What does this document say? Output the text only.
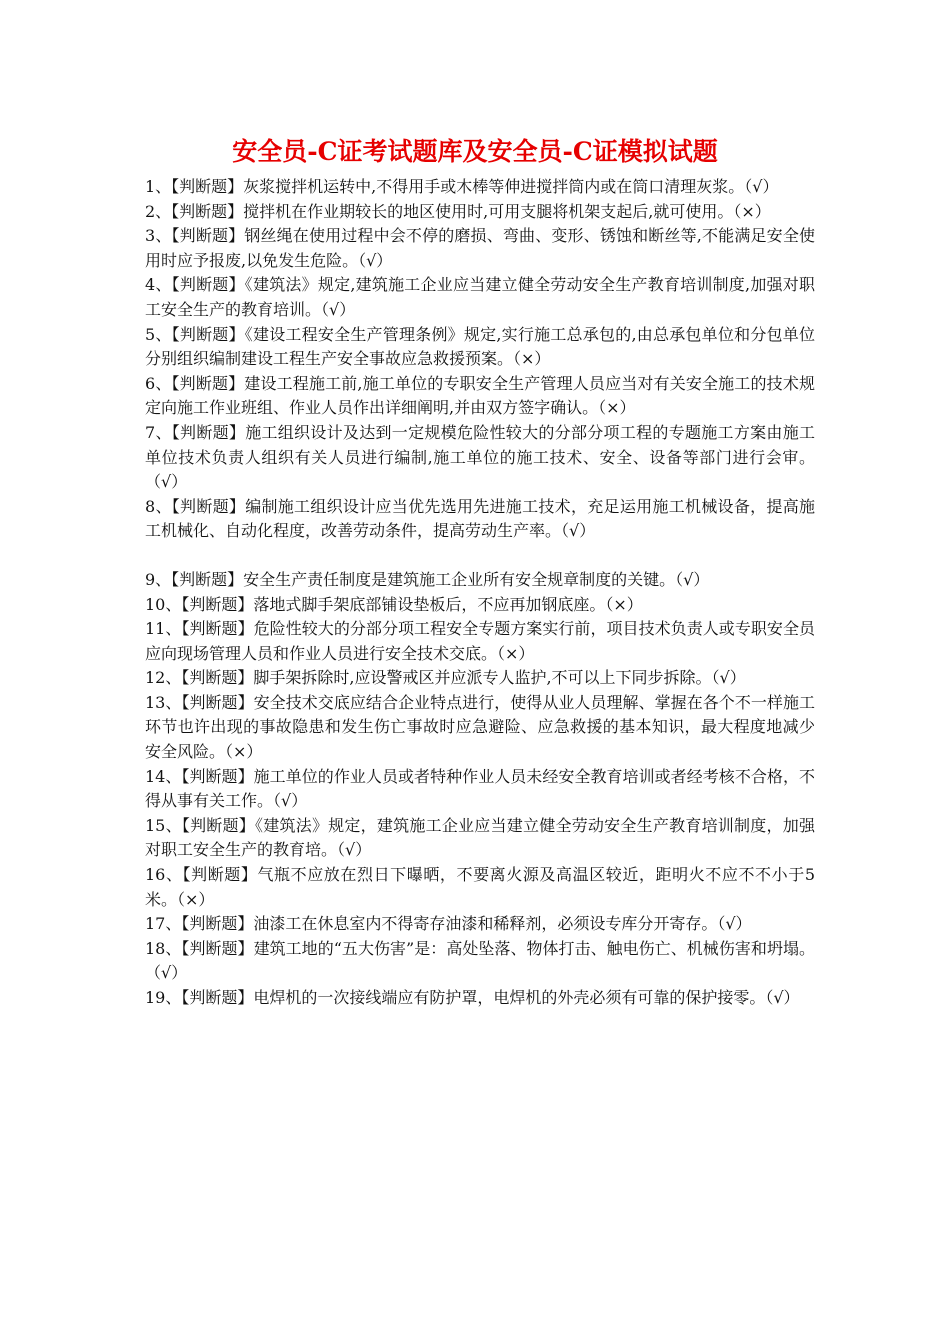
安全员-C证考试题库及安全员-C证模拟试题

1、【判断题】灰浆搅拌机运转中,不得用手或木棒等伸进搅拌筒内或在筒口清理灰浆。（√）

2、【判断题】搅拌机在作业期较长的地区使用时,可用支腿将机架支起后,就可使用。（×）

3、【判断题】钢丝绳在使用过程中会不停的磨损、弯曲、变形、锈蚀和断丝等,不能满足安全使用时应予报废,以免发生危险。（√）

4、【判断题】《建筑法》规定,建筑施工企业应当建立健全劳动安全生产教育培训制度,加强对职工安全生产的教育培训。（√）

5、【判断题】《建设工程安全生产管理条例》规定,实行施工总承包的,由总承包单位和分包单位分别组织编制建设工程生产安全事故应急救援预案。（×）

6、【判断题】建设工程施工前,施工单位的专职安全生产管理人员应当对有关安全施工的技术规定向施工作业班组、作业人员作出详细阐明,并由双方签字确认。（×）

7、【判断题】施工组织设计及达到一定规模危险性较大的分部分项工程的专题施工方案由施工单位技术负责人组织有关人员进行编制,施工单位的施工技术、安全、设备等部门进行会审。（√）

8、【判断题】编制施工组织设计应当优先选用先进施工技术，充足运用施工机械设备，提高施工机械化、自动化程度，改善劳动条件，提高劳动生产率。（√）

9、【判断题】安全生产责任制度是建筑施工企业所有安全规章制度的关键。（√）

10、【判断题】落地式脚手架底部铺设垫板后，不应再加钢底座。（×）

11、【判断题】危险性较大的分部分项工程安全专题方案实行前，项目技术负责人或专职安全员应向现场管理人员和作业人员进行安全技术交底。（×）

12、【判断题】脚手架拆除时,应设警戒区并应派专人监护,不可以上下同步拆除。（√）

13、【判断题】安全技术交底应结合企业特点进行，使得从业人员理解、掌握在各个不一样施工环节也许出现的事故隐患和发生伤亡事故时应急避险、应急救援的基本知识，最大程度地减少安全风险。（×）

14、【判断题】施工单位的作业人员或者特种作业人员未经安全教育培训或者经考核不合格，不得从事有关工作。（√）

15、【判断题】《建筑法》规定，建筑施工企业应当建立健全劳动安全生产教育培训制度，加强对职工安全生产的教育培。（√）

16、【判断题】气瓶不应放在烈日下曝晒，不要离火源及高温区较近，距明火不应不不小于5米。（×）

17、【判断题】油漆工在休息室内不得寄存油漆和稀释剂，必须设专库分开寄存。（√）

18、【判断题】建筑工地的“五大伤害”是：高处坠落、物体打击、触电伤亡、机械伤害和坍塌。（√）

19、【判断题】电焊机的一次接线端应有防护罩，电焊机的外壳必须有可靠的保护接零。（√）
